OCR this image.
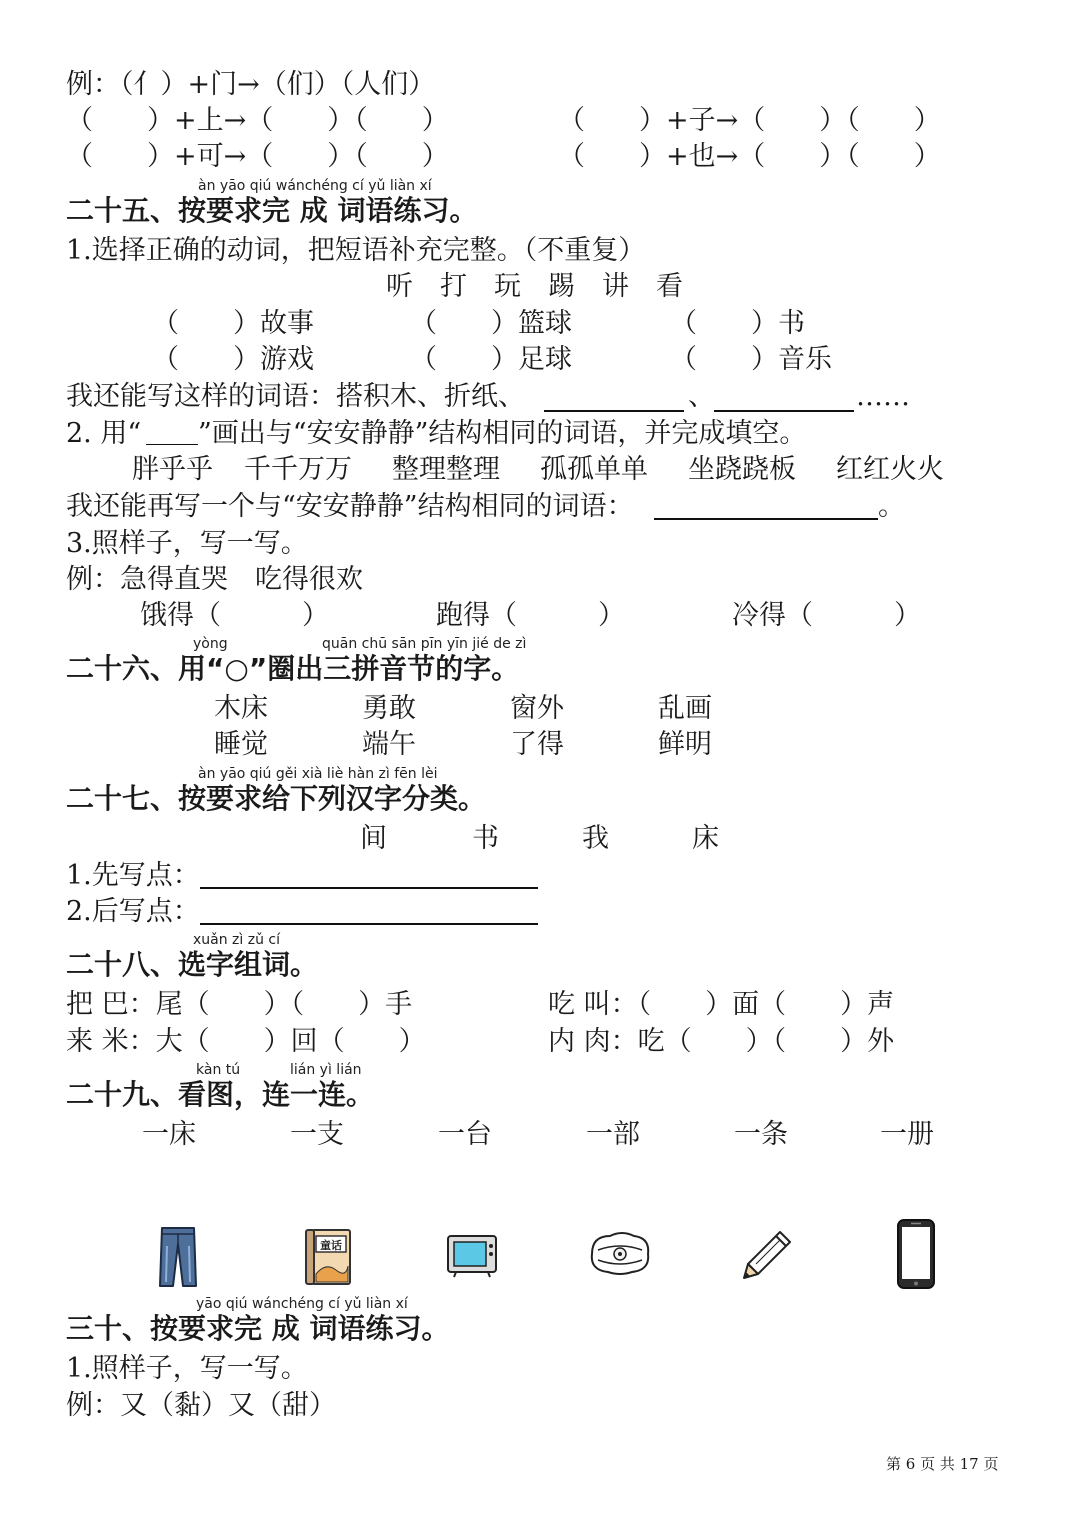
例：（亻）+门→（们）（人们）
（　　）+上→（　　）（　　）	（　　）+子→（　　）（　　）
（　　）+可→（　　）（　　）	（　　）+也→（　　）（　　）
àn yāo qiú wánchéng cí yǔ liàn xí
二十五、按要求完 成 词语练习。
1.选择正确的动词，把短语补充完整。（不重复）
听　打　玩　踢　讲　看
（　　）故事	（　　）篮球	（　　）书
（　　）游戏	（　　）足球	（　　）音乐
我还能写这样的词语：搭积木、折纸、	、	……
2. 用“ ”画出与“安安静静”结构相同的词语，并完成填空。
胖乎乎 千千万万 整理整理 孤孤单单 坐跷跷板 红红火火
我还能再写一个与“安安静静”结构相同的词语：	。
3.照样子，写一写。
例：急得直哭　吃得很欢
饿得（　　　）	跑得（　　　）	冷得（　　　）
yòng	quān chū sān pīn yīn jié de zì
二十六、用“○”圈出三拼音节的字。
木床	勇敢	窗外	乱画
睡觉	端午	了得	鲜明
àn yāo qiú gěi xià liè hàn zì fēn lèi
二十七、按要求给下列汉字分类。
间	书	我	床
1.先写点：
2.后写点：
xuǎn zì zǔ cí
二十八、选字组词。
把 巴：尾（　　）（　　）手	吃 叫：（　　）面（　　）声
来 米：大（　　）回（　　）	内 肉：吃（　　）（　　）外
kàn tú	lián yì lián
二十九、看图，连一连。
一床	一支	一台	一部	一条	一册
童话
yāo qiú wánchéng cí yǔ liàn xí
三十、按要求完 成 词语练习。
1.照样子，写一写。
例：又（黏）又（甜）
第 6 页 共 17 页
